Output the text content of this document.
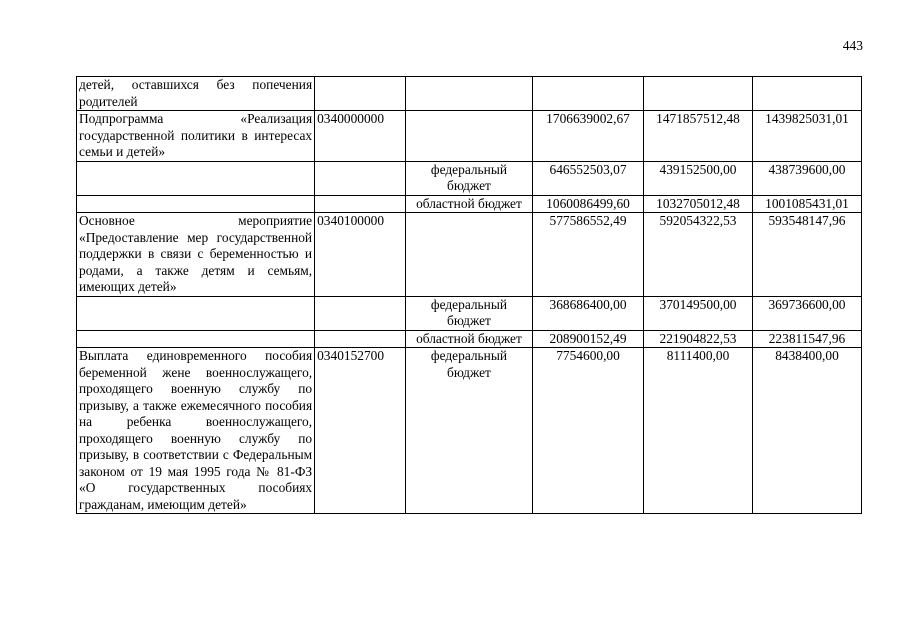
443
детей, оставшихся без попечения родителей					
Подпрограмма «Реализация государственной политики в интересах семьи и детей»	0340000000		1706639002,67	1471857512,48	1439825031,01
		федеральный бюджет	646552503,07	439152500,00	438739600,00
		областной бюджет	1060086499,60	1032705012,48	1001085431,01
Основное мероприятие «Предоставление мер государственной поддержки в связи с беременностью и родами, а также детям и семьям, имеющих детей»	0340100000		577586552,49	592054322,53	593548147,96
		федеральный бюджет	368686400,00	370149500,00	369736600,00
		областной бюджет	208900152,49	221904822,53	223811547,96
Выплата единовременного пособия беременной жене военнослужащего, проходящего военную службу по призыву, а также ежемесячного пособия на ребенка военнослужащего, проходящего военную службу по призыву, в соответствии с Федеральным законом от 19 мая 1995 года № 81-ФЗ «О государственных пособиях гражданам, имеющим детей»	0340152700	федеральный бюджет	7754600,00	8111400,00	8438400,00
